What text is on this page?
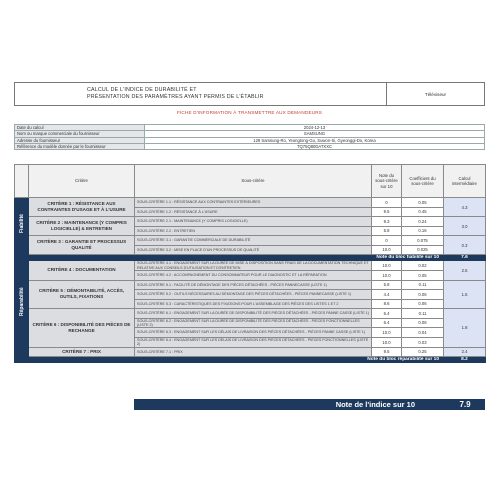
CALCUL DE L'INDICE DE DURABILITÉ ET
PRÉSENTATION DES PARAMÈTRES AYANT PERMIS DE L'ÉTABLIR	Téléviseur
FICHE D'INFORMATION À TRANSMETTRE AUX DEMANDEURS
Date du calcul	2024-12-13
Nom ou marque commerciale du fournisseur	SAMSUNG
Adresse du fournisseur	129 Samsung-Ro, Yeongtong-Gu, Suwon-Si, Gyeonggi-Do, Korea
Référence du modèle donnée par le fournisseur	TQ75Q80DATXXC
	Critère	Sous-critère	Note du sous-critère sur 10	Coefficient du sous-critère	Calcul intermédiaire

Fiabilité	CRITÈRE 1 : RÉSISTANCE AUX CONTRAINTES D'USAGE ET À L'USURE	SOUS-CRITÈRE 1.1 : RÉSISTANCE AUX CONTRAINTES EXTÉRIEURES	0	0.05	4.3
		SOUS-CRITÈRE 1.2 : RÉSISTANCE À L'USURE	9.5	0.45	
	CRITÈRE 2 : MAINTENANCE (Y COMPRIS LOGICIELLE) & ENTRETIEN	SOUS-CRITÈRE 2.1 : MAINTENANCE (Y COMPRIS LOGICIELLE)	9.3	0.24	3.0
		SOUS-CRITÈRE 2.2 : ENTRETIEN	5.8	0.16	
	CRITÈRE 3 : GARANTIE ET PROCESSUS QUALITÉ	SOUS-CRITÈRE 3.1 : GARANTIE COMMERCIALE DE DURABILITÉ	0	0.075	0.3
		SOUS-CRITÈRE 3.2 : MISE EN PLACE D'UN PROCESSUS DE QUALITÉ	10.0	0.025	
Note du bloc fiabilité sur 10					7.6

Réparabilité	CRITÈRE 4 : DOCUMENTATION	SOUS-CRITÈRE 4.1 : ENGAGEMENT SUR LA DURÉE DE MISE À DISPOSITION SANS FRAIS DE LA DOCUMENTATION TECHNIQUE ET RELATIVE AUX CONSEILS D'UTILISATION ET D'ENTRETIEN	10.0	0.02	2.5
		SOUS-CRITÈRE 4.2 : ACCOMPAGNEMENT DU CONSOMMATEUR POUR LE DIAGNOSTIC ET LA RÉPARATION	10.0	0.05	
	CRITÈRE 5 : DÉMONTABILITÉ, ACCÈS, OUTILS, FIXATIONS	SOUS-CRITÈRE 5.1 : FACILITÉ DE DÉMONTAGE DES PIÈCES DÉTACHÉES - PIÈCES PANNECASSE (LISTE 1)	5.8	0.11	1.5
		SOUS-CRITÈRE 5.2 : OUTILS NÉCESSAIRES AU DÉMONTAGE DES PIÈCES DÉTACHÉES - PIÈCES PANNECASSE (LISTE 1)	4.4	0.06	
		SOUS-CRITÈRE 5.3 : CARACTÉRISTIQUES DES FIXATIONS POUR L'ASSEMBLAGE DES PIÈCES DES LISTES 1 ET 2	8.6	0.06	
	CRITÈRE 6 : DISPONIBILITÉ DES PIÈCES DE RECHANGE	SOUS-CRITÈRE 6.1 : ENGAGEMENT SUR LA DURÉE DE DISPONIBILITÉ DES PIÈCES DÉTACHÉES - PIÈCES PANNE CASSE (LISTE 1)	6.4	0.11	1.8
		SOUS-CRITÈRE 6.2 : ENGAGEMENT SUR LA DURÉE DE DISPONIBILITÉ DES PIÈCES DÉTACHÉES - PIÈCES FONCTIONNELLES (LISTE 2)	6.4	0.06	
		SOUS-CRITÈRE 6.3 : ENGAGEMENT SUR LES DÉLAIS DE LIVRAISON DES PIÈCES DÉTACHÉES - PIÈCES PANNE CASSE (LISTE 1)	10.0	0.04	
		SOUS-CRITÈRE 6.4 : ENGAGEMENT SUR LES DÉLAIS DE LIVRAISON DES PIÈCES DÉTACHÉES - PIÈCES FONCTIONNELLES (LISTE 2)	10.0	0.03	
	CRITÈRE 7 : PRIX	SOUS-CRITÈRE 7.1 : PRIX	9.5	0.25	2.4
Note du bloc réparabilité sur 10					8.2
Note de l'indice sur 10	7.9
